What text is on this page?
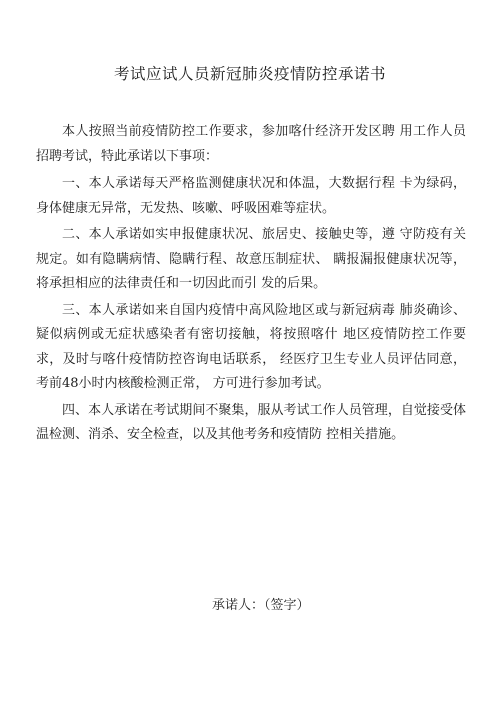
考试应试人员新冠肺炎疫情防控承诺书

本人按照当前疫情防控工作要求，参加喀什经济开发区聘 用工作人员招聘考试，特此承诺以下事项：

一、本人承诺每天严格监测健康状况和体温，大数据行程 卡为绿码，身体健康无异常，无发热、咳嗽、呼吸困难等症状。

二、本人承诺如实申报健康状况、旅居史、接触史等，遵 守防疫有关规定。如有隐瞒病情、隐瞒行程、故意压制症状、 瞒报漏报健康状况等，将承担相应的法律责任和一切因此而引 发的后果。

三、本人承诺如来自国内疫情中高风险地区或与新冠病毒 肺炎确诊、疑似病例或无症状感染者有密切接触，将按照喀什 地区疫情防控工作要求，及时与喀什疫情防控咨询电话联系， 经医疗卫生专业人员评估同意，考前48小时内核酸检测正常， 方可进行参加考试。

四、本人承诺在考试期间不聚集，服从考试工作人员管理，自觉接受体温检测、消杀、安全检查，以及其他考务和疫情防 控相关措施。

承诺人：（签字）
